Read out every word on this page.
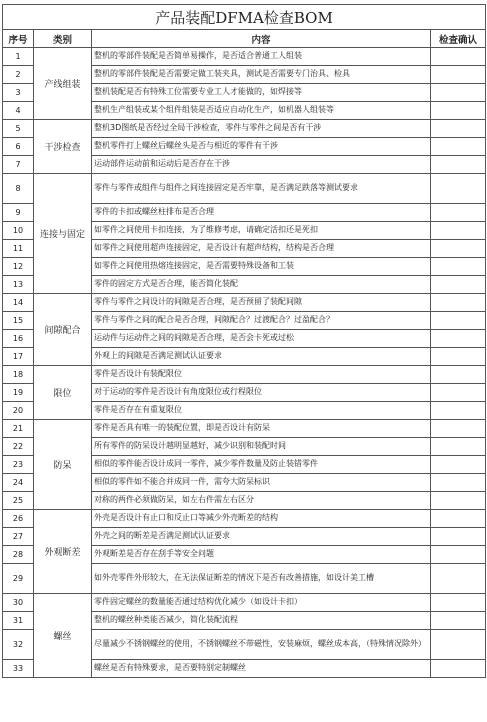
产品装配DFMA检查BOM			
序号	类别	内容	检查确认
1	产线组装	整机的零部件装配是否简单易操作，是否适合普通工人组装	
2		整机的零部件装配是否需要定做工装夹具，测试是否需要专门治具、检具	
3		整机装配是否有特殊工位需要专业工人才能做的，如焊接等	
4		整机生产组装或某个组件组装是否适应自动化生产，如机器人组装等	
5	干涉检查	整机3D图纸是否经过全局干涉检查，零件与零件之间是否有干涉	
6		整机零件打上螺丝后螺丝头是否与相近的零件有干涉	
7		运动部件运动前和运动后是否存在干涉	
8	连接与固定	零件与零件或组件与组件之间连接固定是否牢靠，是否满足跌落等测试要求	
9		零件的卡扣或螺丝柱排布是否合理	
10		如零件之间使用卡扣连接，为了维修考虑，请确定活扣还是死扣	
11		如零件之间使用超声连接固定，是否设计有超声结构，结构是否合理	
12		如零件之间使用热熔连接固定，是否需要特殊设备和工装	
13		零件的固定方式是否合理，能否简化装配	
14	间隙配合	零件与零件之间设计的间隙是否合理，是否预留了装配间隙	
15		零件与零件之间的配合是否合理，间隙配合？过渡配合？过盈配合？	
16		运动件与运动件之间的间隙是否合理，是否会卡死或过松	
17		外观上的间隙是否满足测试认证要求	
18	限位	零件是否设计有装配限位	
19		对于运动的零件是否设计有角度限位或行程限位	
20		零件是否存在有重复限位	
21	防呆	零件是否具有唯一的装配位置，即是否设计有防呆	
22		所有零件的防呆设计越明显越好，减少识别和装配时间	
23		相似的零件能否设计成同一零件，减少零件数量及防止装错零件	
24		相似的零件如不能合并成同一件，需夸大防呆标识	
25		对称的两件必须做防呆，如左右件需左右区分	
26	外观断差	外壳是否设计有止口和反止口等减少外壳断差的结构	
27		外壳之间的断差是否满足测试认证要求	
28		外观断差是否存在刮手等安全问题	
29		如外壳零件外形较大，在无法保证断差的情况下是否有改善措施，如设计美工槽	
30	螺丝	零件固定螺丝的数量能否通过结构优化减少（如设计卡扣）	
31		整机的螺丝种类能否减少，简化装配流程	
32		尽量减少不锈钢螺丝的使用，不锈钢螺丝不带磁性，安装麻烦，螺丝成本高，（特殊情况除外）	
33		螺丝是否有特殊要求，是否要特别定制螺丝	
